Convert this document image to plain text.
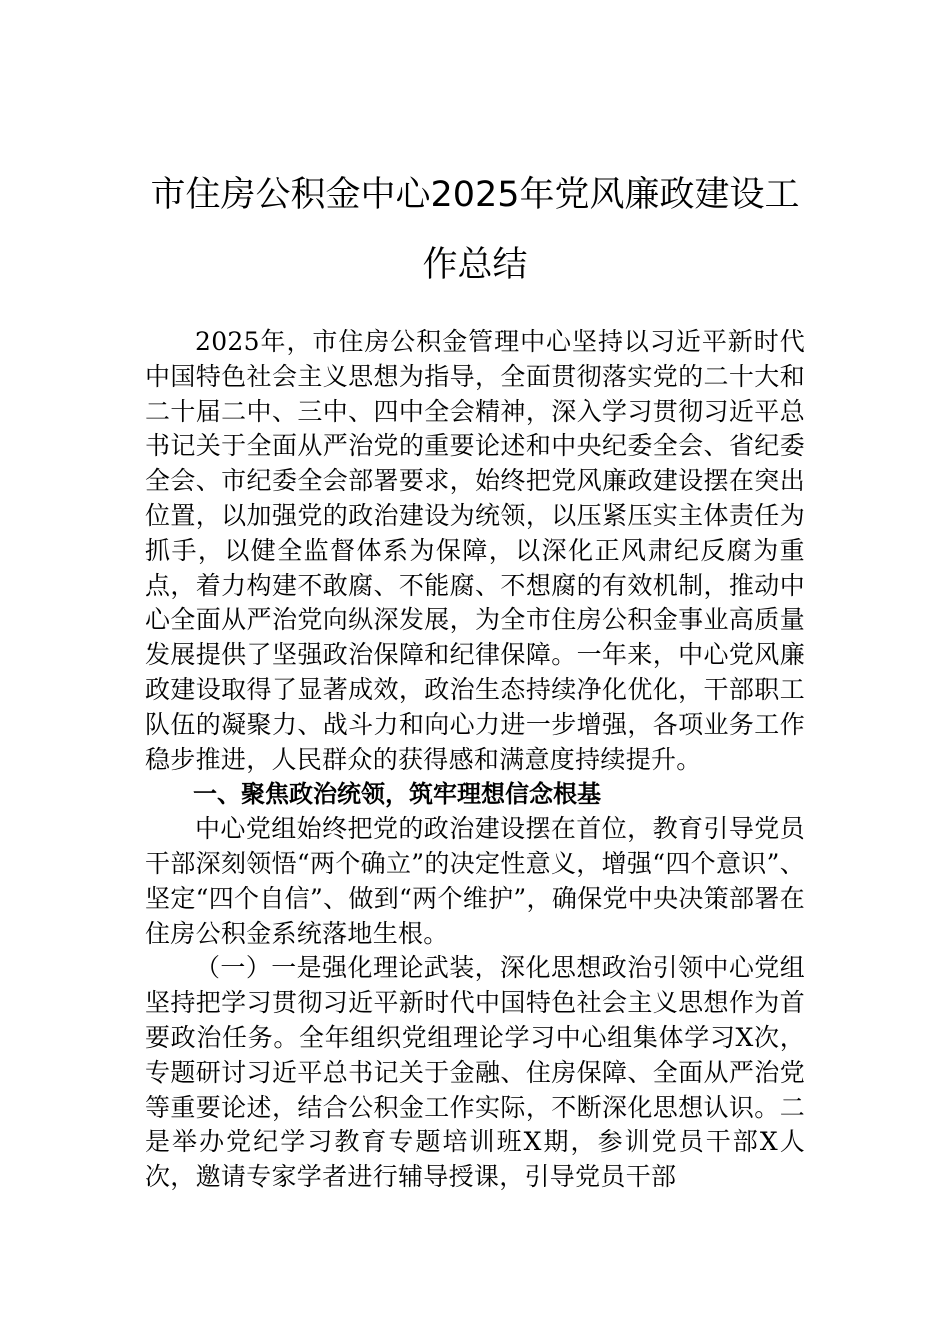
市住房公积金中心2025年党风廉政建设工作总结

2025年，市住房公积金管理中心坚持以习近平新时代中国特色社会主义思想为指导，全面贯彻落实党的二十大和二十届二中、三中、四中全会精神，深入学习贯彻习近平总书记关于全面从严治党的重要论述和中央纪委全会、省纪委全会、市纪委全会部署要求，始终把党风廉政建设摆在突出位置，以加强党的政治建设为统领，以压紧压实主体责任为抓手，以健全监督体系为保障，以深化正风肃纪反腐为重点，着力构建不敢腐、不能腐、不想腐的有效机制，推动中心全面从严治党向纵深发展，为全市住房公积金事业高质量发展提供了坚强政治保障和纪律保障。一年来，中心党风廉政建设取得了显著成效，政治生态持续净化优化，干部职工队伍的凝聚力、战斗力和向心力进一步增强，各项业务工作稳步推进，人民群众的获得感和满意度持续提升。

一、聚焦政治统领，筑牢理想信念根基

中心党组始终把党的政治建设摆在首位，教育引导党员干部深刻领悟“两个确立”的决定性意义，增强“四个意识”、坚定“四个自信”、做到“两个维护”，确保党中央决策部署在住房公积金系统落地生根。

（一）一是强化理论武装，深化思想政治引领中心党组坚持把学习贯彻习近平新时代中国特色社会主义思想作为首要政治任务。全年组织党组理论学习中心组集体学习X次，专题研讨习近平总书记关于金融、住房保障、全面从严治党等重要论述，结合公积金工作实际，不断深化思想认识。二是举办党纪学习教育专题培训班X期，参训党员干部X人次，邀请专家学者进行辅导授课，引导党员干部
